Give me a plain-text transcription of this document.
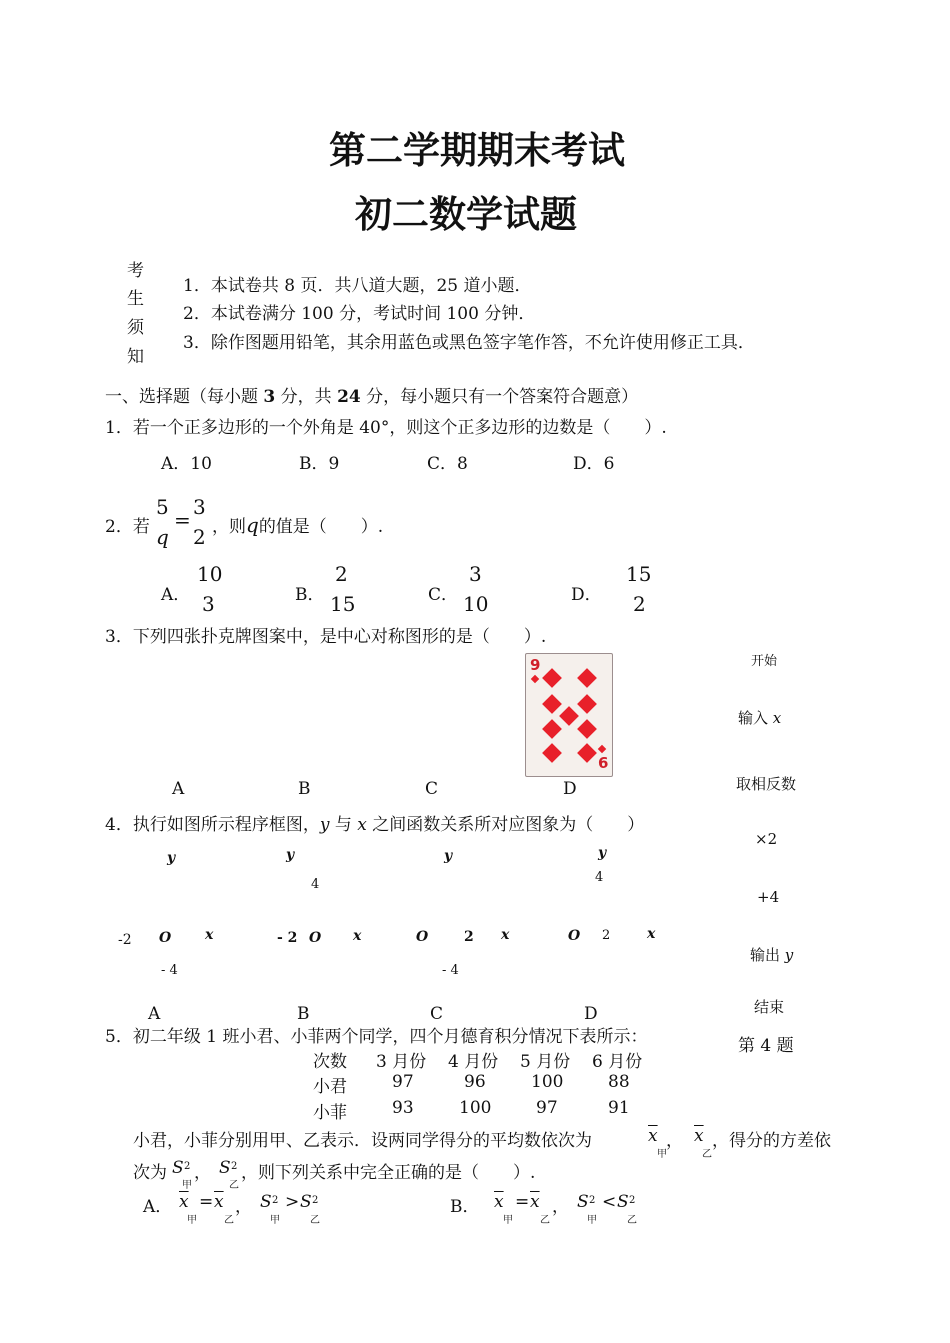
第二学期期末考试
初二数学试题
考
生
须
知
1．本试卷共 8 页．共八道大题，25 道小题．
2．本试卷满分 100 分，考试时间 100 分钟．
3．除作图题用铅笔，其余用蓝色或黑色签字笔作答，不允许使用修正工具．
一、选择题（每小题 3 分，共 24 分，每小题只有一个答案符合题意）
1．若一个正多边形的一个外角是 40°，则这个正多边形的边数是（　　）.
A．10	B．9	C．8	D．6
2．若
5
q
=
3
2 ，则q的值是（　　）.
A．
10
3	B．
2
15	C．
3
10	D．
15
2
3．下列四张扑克牌图案中，是中心对称图形的是（　　）.
9
6
A	B	C	D
开始
输入 x
取相反数
×2
+4
输出 y
结束
第 4 题
4．执行如图所示程序框图，y 与 x 之间函数关系所对应图象为（　　）
y
-2 O x
- 4
A
y
4
- 2 O x
B
y
O	2 x
- 4
C
y
4
O 2	x
D
5．初二年级 1 班小君、小菲两个同学，四个月德育积分情况下表所示：
次数 3 月份 4 月份 5 月份 6 月份
小君	97	96	100	88
小菲	93	100	97	91
小君，小菲分别用甲、乙表示．设两同学得分的平均数依次为	$\overline{x}$
甲
， $\overline{x}$
乙
，得分的方差依
次为 S 2
甲
， S 2
乙
，则下列关系中完全正确的是（　　）.
A． $\overline{x}$
甲
= $\overline{x}$
乙
， S 2
甲
> S 2
乙
B． $\overline{x}$
甲
= $\overline{x}$
乙
， S 2
甲
< S 2
乙
